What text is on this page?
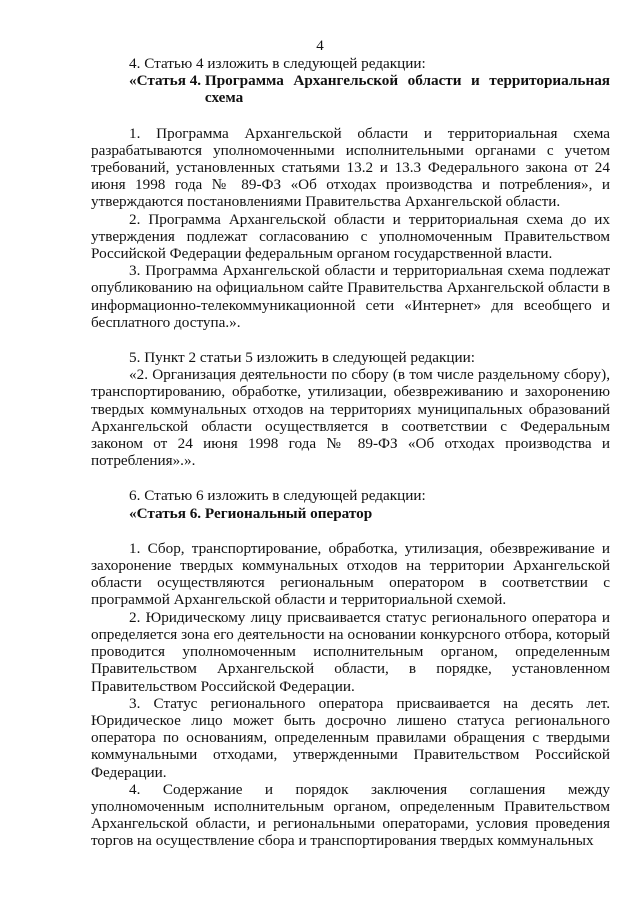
4

4. Статью 4 изложить в следующей редакции:

«Статья 4. Программа Архангельской области и территориальная схема

1. Программа Архангельской области и территориальная схема разрабатываются уполномоченными исполнительными органами с учетом требований, установленных статьями 13.2 и 13.3 Федерального закона от 24 июня 1998 года № 89-ФЗ «Об отходах производства и потребления», и утверждаются постановлениями Правительства Архангельской области.

2. Программа Архангельской области и территориальная схема до их утверждения подлежат согласованию с уполномоченным Правительством Российской Федерации федеральным органом государственной власти.

3. Программа Архангельской области и территориальная схема подлежат опубликованию на официальном сайте Правительства Архангельской области в информационно-телекоммуникационной сети «Интернет» для всеобщего и бесплатного доступа.».

5. Пункт 2 статьи 5 изложить в следующей редакции:

«2. Организация деятельности по сбору (в том числе раздельному сбору), транспортированию, обработке, утилизации, обезвреживанию и захоронению твердых коммунальных отходов на территориях муниципальных образований Архангельской области осуществляется в соответствии с Федеральным законом от 24 июня 1998 года № 89-ФЗ «Об отходах производства и потребления».».

6. Статью 6 изложить в следующей редакции:

«Статья 6. Региональный оператор

1. Сбор, транспортирование, обработка, утилизация, обезвреживание и захоронение твердых коммунальных отходов на территории Архангельской области осуществляются региональным оператором в соответствии с программой Архангельской области и территориальной схемой.

2. Юридическому лицу присваивается статус регионального оператора и определяется зона его деятельности на основании конкурсного отбора, который проводится уполномоченным исполнительным органом, определенным Правительством Архангельской области, в порядке, установленном Правительством Российской Федерации.

3. Статус регионального оператора присваивается на десять лет. Юридическое лицо может быть досрочно лишено статуса регионального оператора по основаниям, определенным правилами обращения с твердыми коммунальными отходами, утвержденными Правительством Российской Федерации.

4. Содержание и порядок заключения соглашения между уполномоченным исполнительным органом, определенным Правительством Архангельской области, и региональными операторами, условия проведения торгов на осуществление сбора и транспортирования твердых коммунальных
